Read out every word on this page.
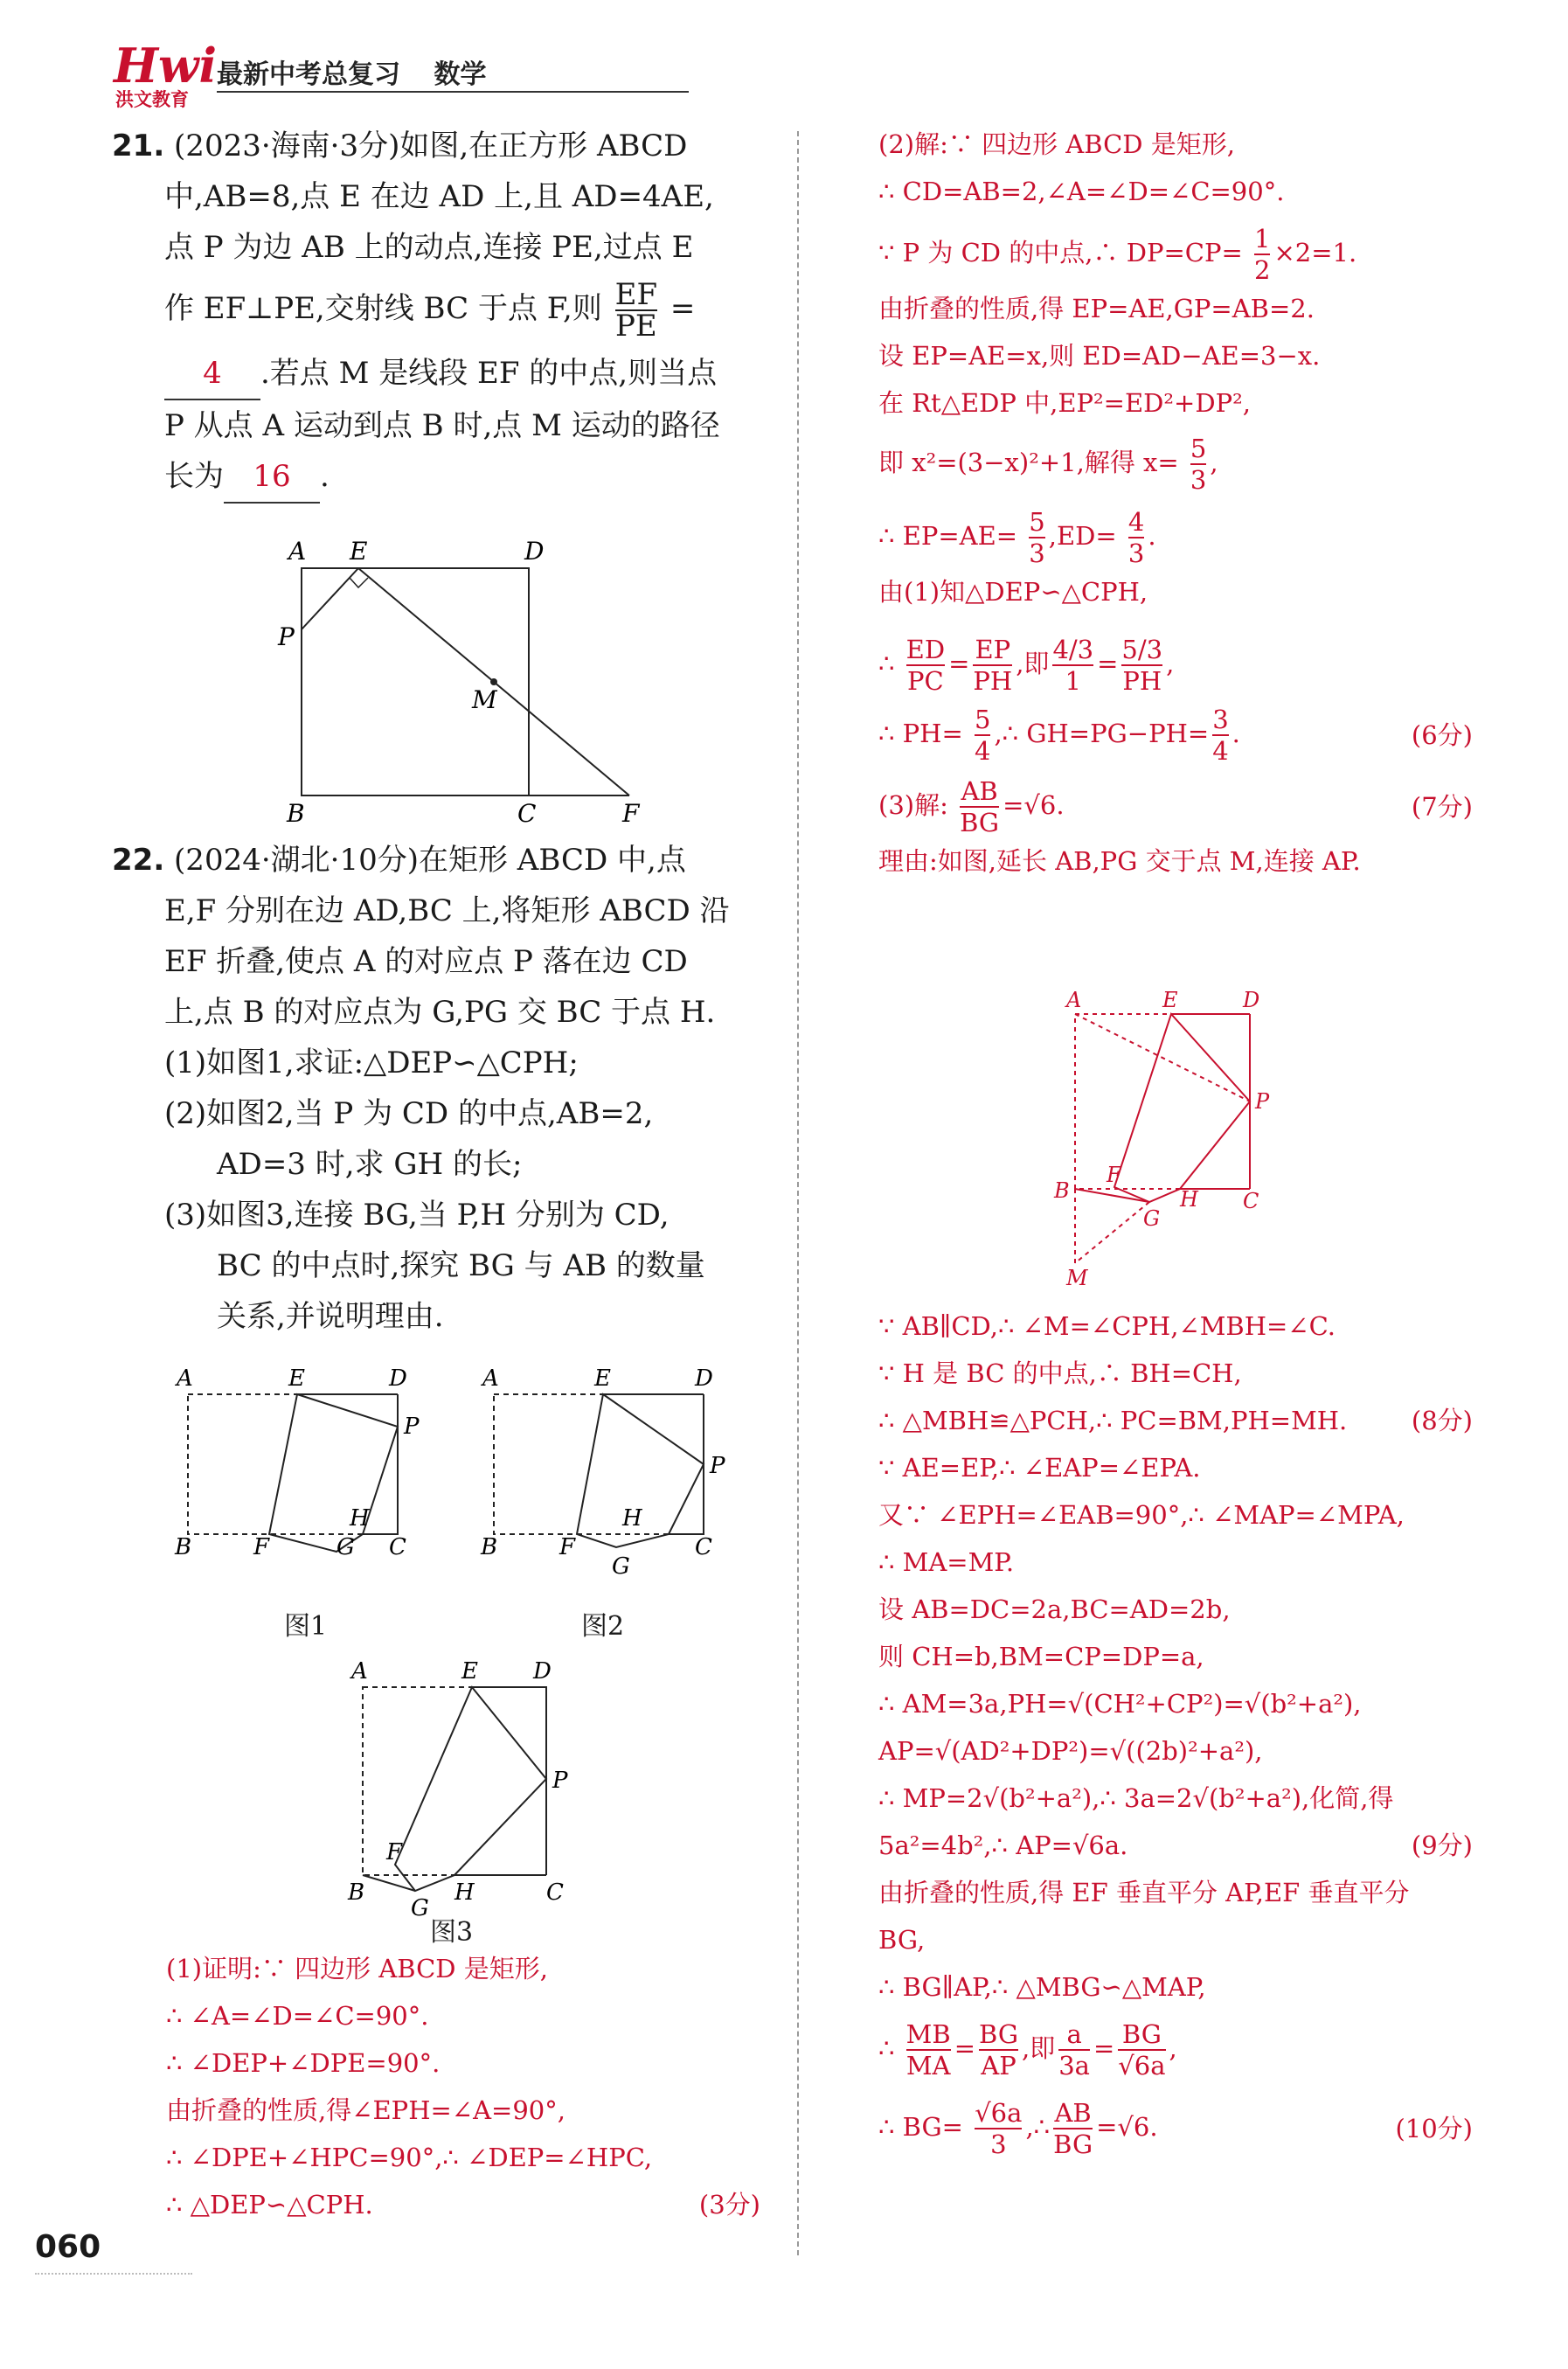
Hwi
洪文教育
最新中考总复习 数学
21. (2023·海南·3分)如图,在正方形 ABCD
中,AB=8,点 E 在边 AD 上,且 AD=4AE,
点 P 为边 AB 上的动点,连接 PE,过点 E
作 EF⊥PE,交射线 BC 于点 F,则 $\frac{EF}{PE}$ =
4 .若点 M 是线段 EF 的中点,则当点
P 从点 A 运动到点 B 时,点 M 运动的路径
长为 16 .
A E	D
P
M
B	C	F
22. (2024·湖北·10分)在矩形 ABCD 中,点
E,F 分别在边 AD,BC 上,将矩形 ABCD 沿
EF 折叠,使点 A 的对应点 P 落在边 CD
上,点 B 的对应点为 G,PG 交 BC 于点 H.
(1)如图1,求证:△DEP∽△CPH;
(2)如图2,当 P 为 CD 的中点,AB=2,
AD=3 时,求 GH 的长;
(3)如图3,连接 BG,当 P,H 分别为 CD,
BC 的中点时,探究 BG 与 AB 的数量
关系,并说明理由.
A	E	D
P
H
B	F	G C
图1
A	E	D
P
H
B	F
G
C
图2
A	E D
P
F
H
B
G
C
图3
(1)证明:∵ 四边形 ABCD 是矩形,
∴ ∠A=∠D=∠C=90°.
∴ ∠DEP+∠DPE=90°.
由折叠的性质,得∠EPH=∠A=90°,
∴ ∠DPE+∠HPC=90°,∴ ∠DEP=∠HPC,
∴ △DEP∽△CPH.	(3分)
060
(2)解:∵ 四边形 ABCD 是矩形,
∴ CD=AB=2,∠A=∠D=∠C=90°.
∵ P 为 CD 的中点,∴ $DP=CP= \frac{1}{2} \times 2=1$.
由折叠的性质,得 EP=AE,GP=AB=2.
设 EP=AE=x,则 ED=AD−AE=3−x.
在 Rt△EDP 中,EP²=ED²+DP²,
即 x²=(3−x)²+1,解得 $x= \frac{5}{3}$ ,
∴ $EP=AE= \frac{5}{3} ,ED= \frac{4}{3}$ .
由(1)知△DEP∽△CPH,
∴ $\frac{ED}{PC} = \frac{EP}{PH}$ ,即 $\frac{4/3}{1} = \frac{5/3}{PH}$ ,
∴ $PH= \frac{5}{4}$ ,∴ $GH=PG-PH= \frac{3}{4}$ .	(6分)
(3)解: $\frac{AB}{BG} =√6$.	(7分)
理由:如图,延长 AB,PG 交于点 M,连接 AP.
A	E	D
P
F
B	H C
G
M
∵ AB∥CD,∴ ∠M=∠CPH,∠MBH=∠C.
∵ H 是 BC 的中点,∴ BH=CH,
∴ △MBH≌△PCH,∴ PC=BM,PH=MH.	(8分)
∵ AE=EP,∴ ∠EAP=∠EPA.
又∵ ∠EPH=∠EAB=90°,∴ ∠MAP=∠MPA,
∴ MA=MP.
设 AB=DC=2a,BC=AD=2b,
则 CH=b,BM=CP=DP=a,
∴ AM=3a,PH=√(CH²+CP²)=√(b²+a²),
AP=√(AD²+DP²)=√((2b)²+a²),
∴ MP=2√(b²+a²),∴ 3a=2√(b²+a²),化简,得
5a²=4b²,∴ AP=√6a.	(9分)
由折叠的性质,得 EF 垂直平分 AP,EF 垂直平分
BG,
∴ BG∥AP,∴ △MBG∽△MAP,
∴ $\frac{MB}{MA} = \frac{BG}{AP}$ ,即 $\frac{a}{3a} = \frac{BG}{√6a}$ ,
∴ $BG= \frac{√6a}{3}$ ,∴ $\frac{AB}{BG} =√6$.	(10分)
